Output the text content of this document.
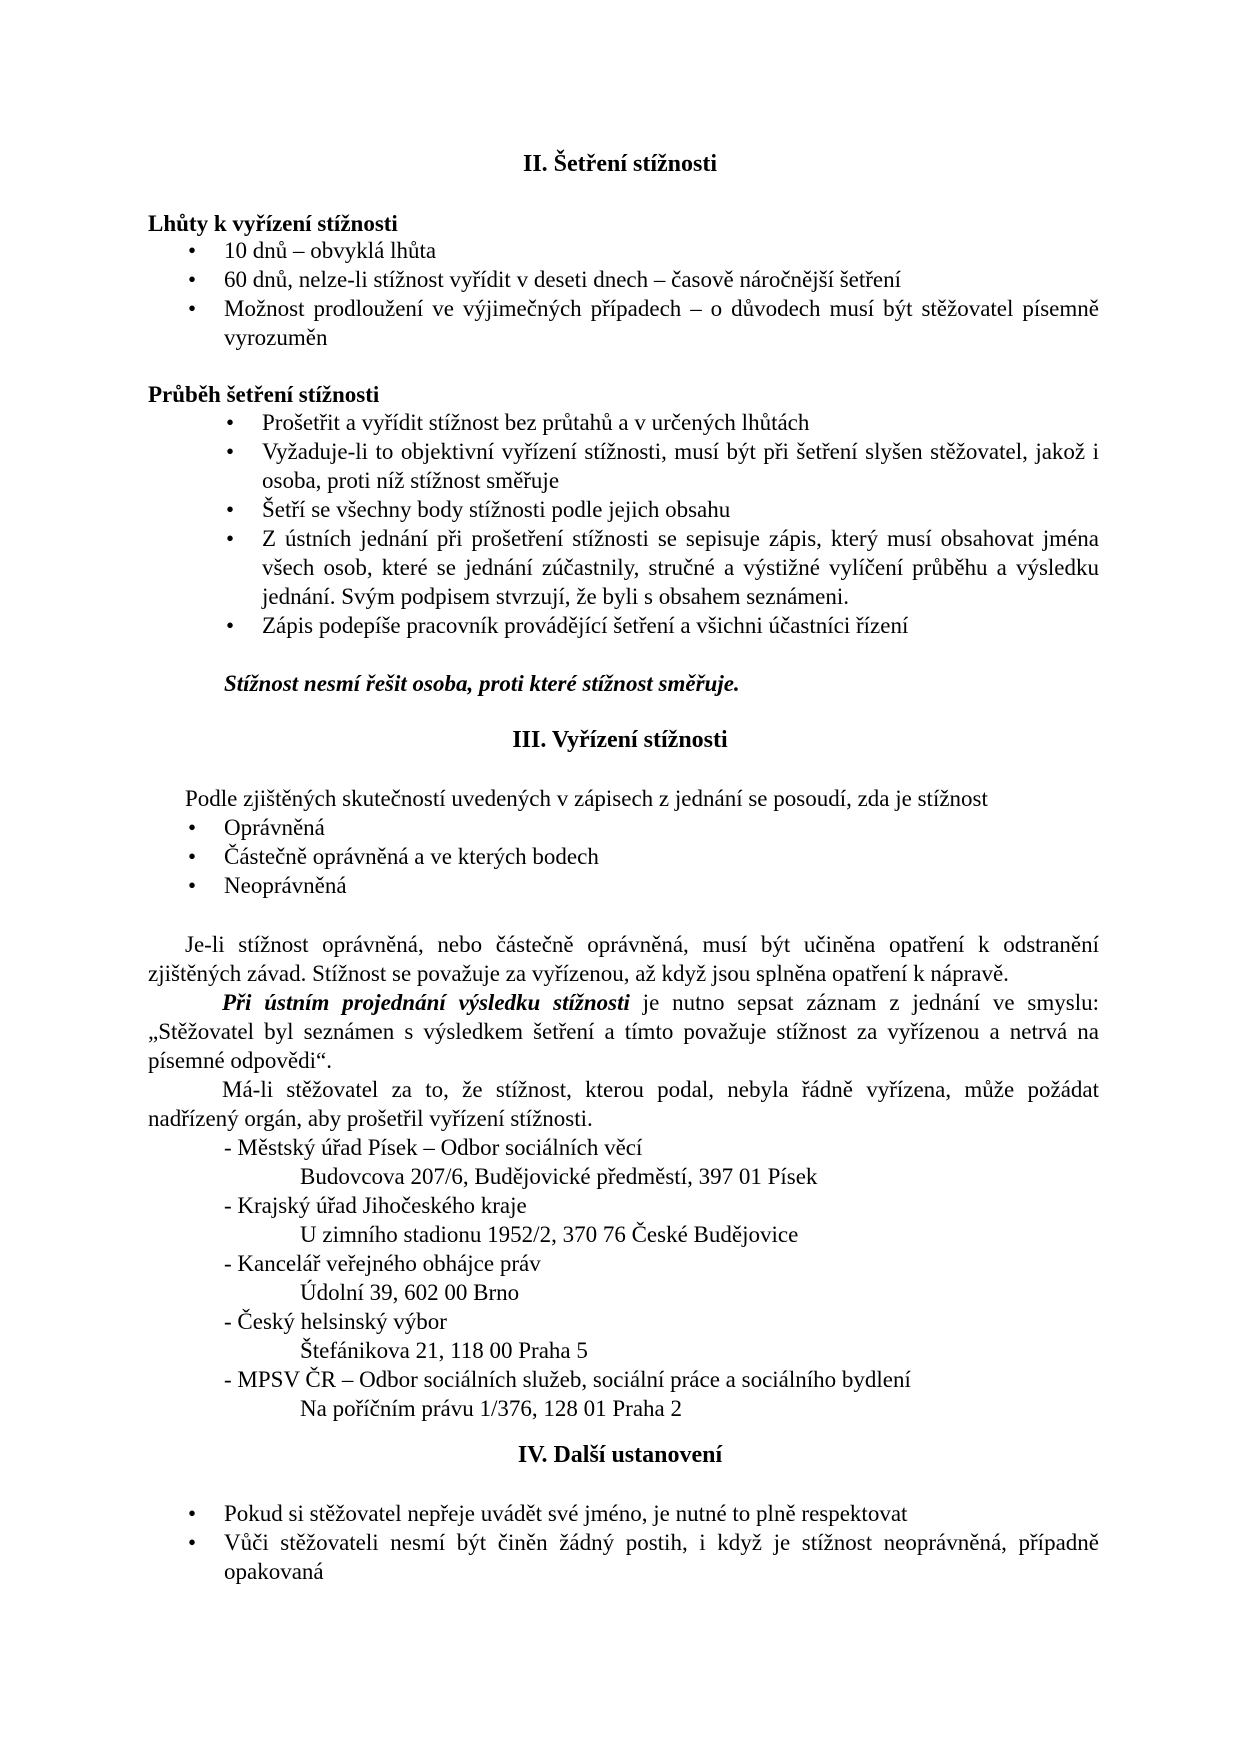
II. Šetření stížnosti
Lhůty k vyřízení stížnosti
• 10 dnů – obvyklá lhůta
• 60 dnů, nelze-li stížnost vyřídit v deseti dnech – časově náročnější šetření
• Možnost prodloužení ve výjimečných případech – o důvodech musí být stěžovatel písemně vyrozuměn
Průběh šetření stížnosti
• Prošetřit a vyřídit stížnost bez průtahů a v určených lhůtách
• Vyžaduje-li to objektivní vyřízení stížnosti, musí být při šetření slyšen stěžovatel, jakož i osoba, proti níž stížnost směřuje
• Šetří se všechny body stížnosti podle jejich obsahu
• Z ústních jednání při prošetření stížnosti se sepisuje zápis, který musí obsahovat jména všech osob, které se jednání zúčastnily, stručné a výstižné vylíčení průběhu a výsledku jednání. Svým podpisem stvrzují, že byli s obsahem seznámeni.
• Zápis podepíše pracovník provádějící šetření a všichni účastníci řízení
Stížnost nesmí řešit osoba, proti které stížnost směřuje.
III. Vyřízení stížnosti
Podle zjištěných skutečností uvedených v zápisech z jednání se posoudí, zda je stížnost
• Oprávněná
• Částečně oprávněná a ve kterých bodech
• Neoprávněná

Je-li stížnost oprávněná, nebo částečně oprávněná, musí být učiněna opatření k odstranění zjištěných závad. Stížnost se považuje za vyřízenou, až když jsou splněna opatření k nápravě.

Při ústním projednání výsledku stížnosti je nutno sepsat záznam z jednání ve smyslu: „Stěžovatel byl seznámen s výsledkem šetření a tímto považuje stížnost za vyřízenou a netrvá na písemné odpovědi“.

Má-li stěžovatel za to, že stížnost, kterou podal, nebyla řádně vyřízena, může požádat nadřízený orgán, aby prošetřil vyřízení stížnosti.

- Městský úřad Písek – Odbor sociálních věcí
Budovcova 207/6, Budějovické předměstí, 397 01 Písek
- Krajský úřad Jihočeského kraje
U zimního stadionu 1952/2, 370 76 České Budějovice
- Kancelář veřejného obhájce práv
Údolní 39, 602 00 Brno
- Český helsinský výbor
Štefánikova 21, 118 00 Praha 5
- MPSV ČR – Odbor sociálních služeb, sociální práce a sociálního bydlení
Na poříčním právu 1/376, 128 01 Praha 2
IV. Další ustanovení
• Pokud si stěžovatel nepřeje uvádět své jméno, je nutné to plně respektovat
• Vůči stěžovateli nesmí být činěn žádný postih, i když je stížnost neoprávněná, případně opakovaná
